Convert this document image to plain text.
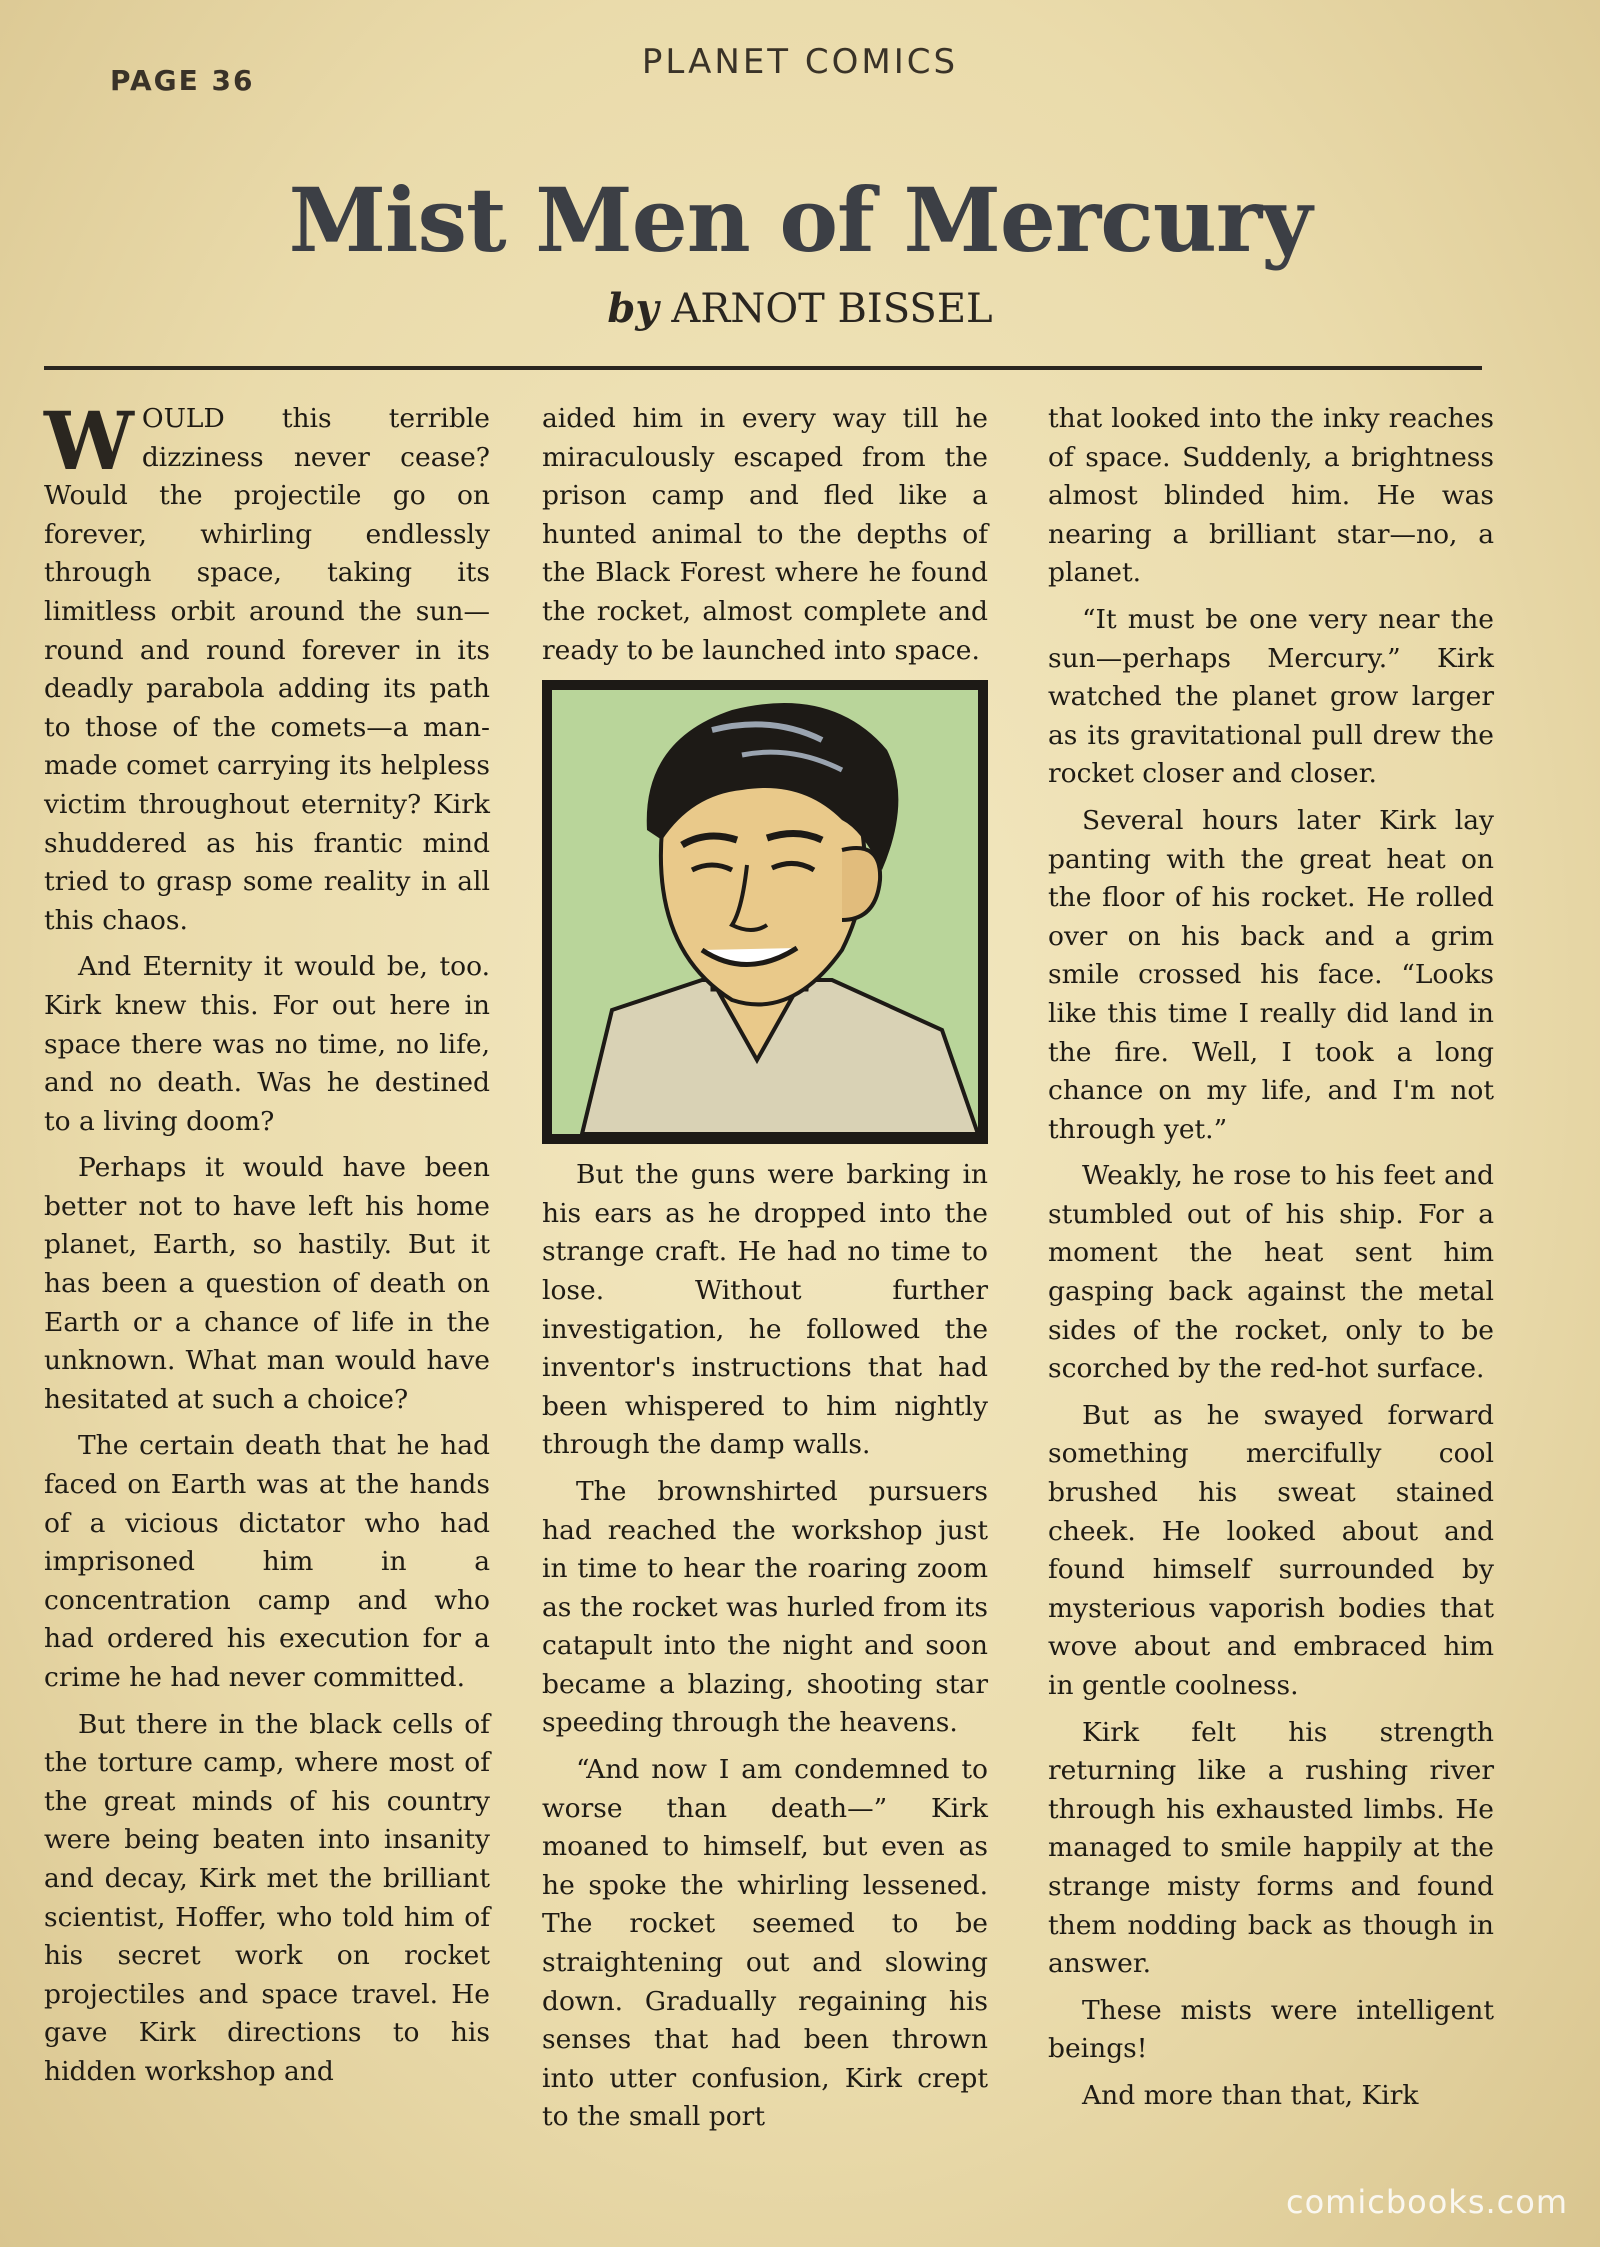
PAGE 36	PLANET COMICS
Mist Men of Mercury
by ARNOT BISSEL

WOULD this terrible dizziness never cease? Would the projectile go on forever, whirling endlessly through space, taking its limitless orbit around the sun—round and round forever in its deadly parabola adding its path to those of the comets—a man-made comet carrying its helpless victim throughout eternity? Kirk shuddered as his frantic mind tried to grasp some reality in all this chaos.

And Eternity it would be, too. Kirk knew this. For out here in space there was no time, no life, and no death. Was he destined to a living doom?

Perhaps it would have been better not to have left his home planet, Earth, so hastily. But it has been a question of death on Earth or a chance of life in the unknown. What man would have hesitated at such a choice?

The certain death that he had faced on Earth was at the hands of a vicious dictator who had imprisoned him in a concentration camp and who had ordered his execution for a crime he had never committed.

But there in the black cells of the torture camp, where most of the great minds of his country were being beaten into insanity and decay, Kirk met the brilliant scientist, Hoffer, who told him of his secret work on rocket projectiles and space travel. He gave Kirk directions to his hidden workshop and

aided him in every way till he miraculously escaped from the prison camp and fled like a hunted animal to the depths of the Black Forest where he found the rocket, almost complete and ready to be launched into space.

But the guns were barking in his ears as he dropped into the strange craft. He had no time to lose. Without further investigation, he followed the inventor's instructions that had been whispered to him nightly through the damp walls.

The brownshirted pursuers had reached the workshop just in time to hear the roaring zoom as the rocket was hurled from its catapult into the night and soon became a blazing, shooting star speeding through the heavens.

“And now I am condemned to worse than death—” Kirk moaned to himself, but even as he spoke the whirling lessened. The rocket seemed to be straightening out and slowing down. Gradually regaining his senses that had been thrown into utter confusion, Kirk crept to the small port

that looked into the inky reaches of space. Suddenly, a brightness almost blinded him. He was nearing a brilliant star—no, a planet.

“It must be one very near the sun—perhaps Mercury.” Kirk watched the planet grow larger as its gravitational pull drew the rocket closer and closer.

Several hours later Kirk lay panting with the great heat on the floor of his rocket. He rolled over on his back and a grim smile crossed his face. “Looks like this time I really did land in the fire. Well, I took a long chance on my life, and I'm not through yet.”

Weakly, he rose to his feet and stumbled out of his ship. For a moment the heat sent him gasping back against the metal sides of the rocket, only to be scorched by the red-hot surface.

But as he swayed forward something mercifully cool brushed his sweat stained cheek. He looked about and found himself surrounded by mysterious vaporish bodies that wove about and embraced him in gentle coolness.

Kirk felt his strength returning like a rushing river through his exhausted limbs. He managed to smile happily at the strange misty forms and found them nodding back as though in answer.

These mists were intelligent beings!

And more than that, Kirk

comicbooks.com
